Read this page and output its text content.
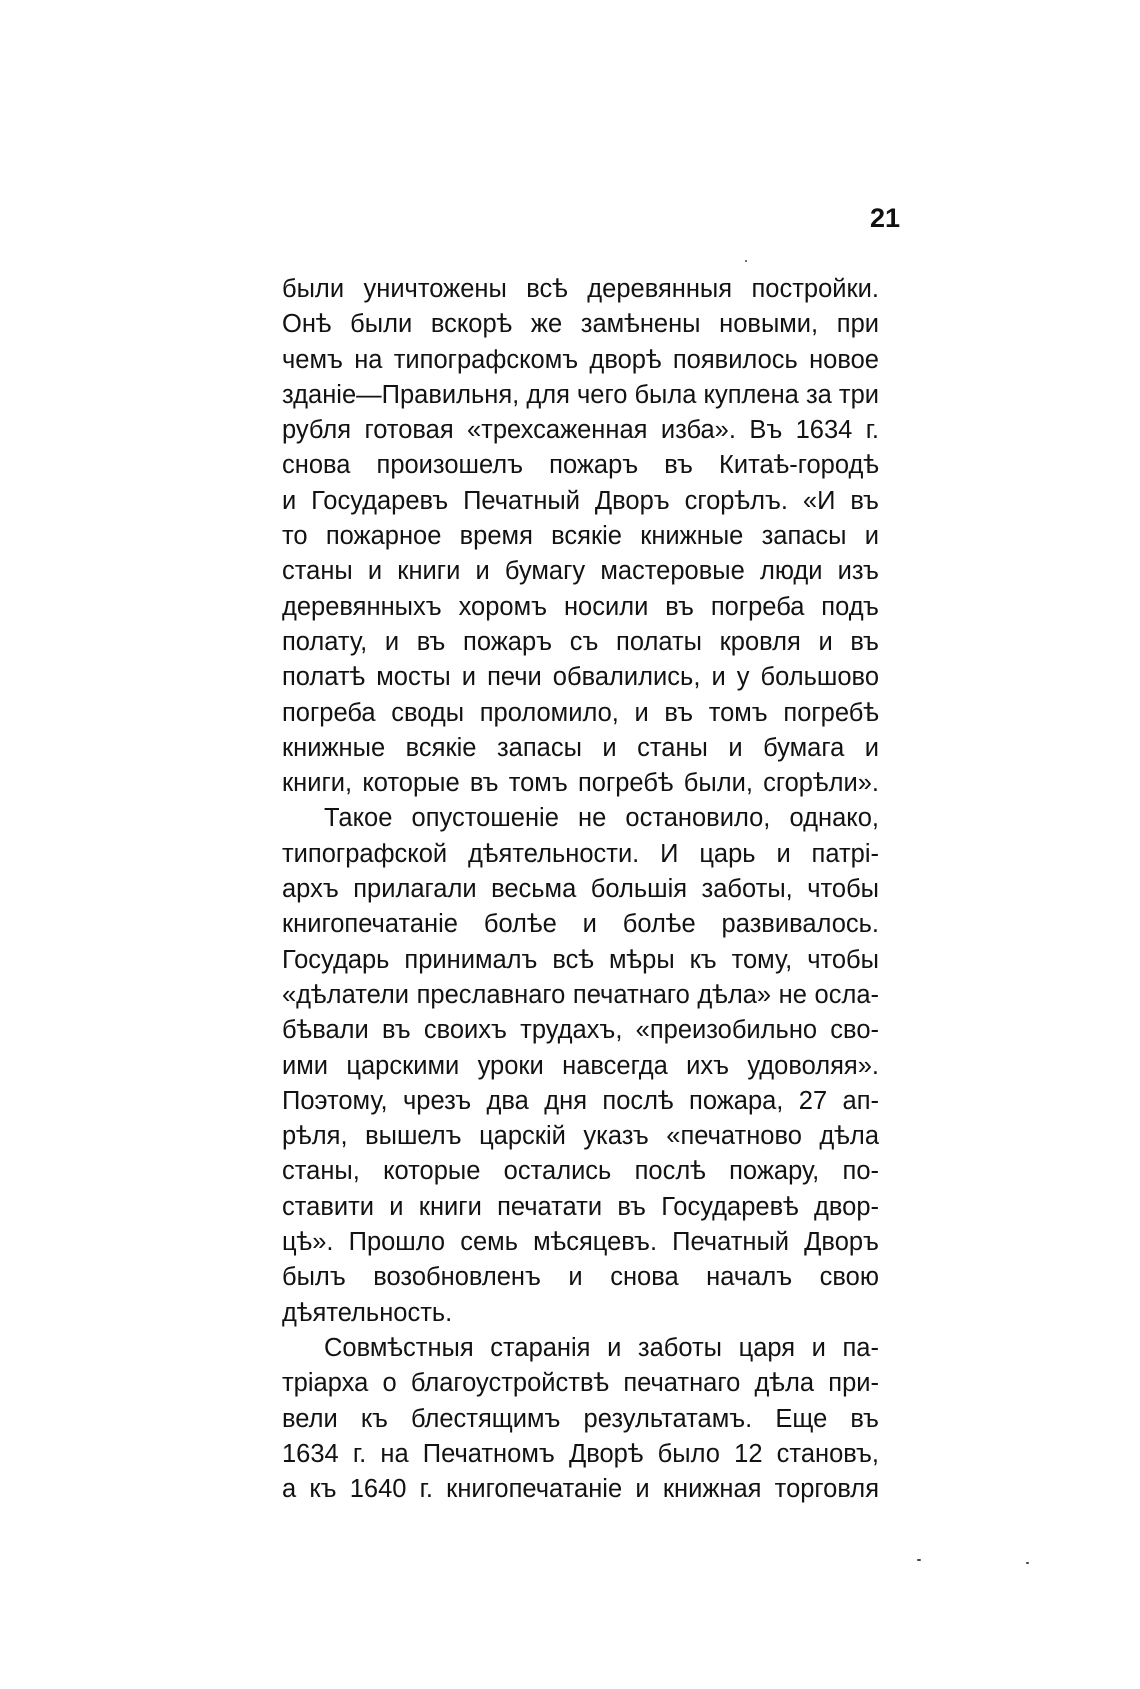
21
были уничтожены всѣ деревянныя постройки.
Онѣ были вскорѣ же замѣнены новыми, при
чемъ на типографскомъ дворѣ появилось новое
зданіе—Правильня, для чего была куплена за три
рубля готовая «трехсаженная изба». Въ 1634 г.
снова произошелъ пожаръ въ Китаѣ-городѣ
и Государевъ Печатный Дворъ сгорѣлъ. «И въ
то пожарное время всякіе книжные запасы и
станы и книги и бумагу мастеровые люди изъ
деревянныхъ хоромъ носили въ погреба подъ
полату, и въ пожаръ съ полаты кровля и въ
полатѣ мосты и печи обвалились, и у большово
погреба своды проломило, и въ томъ погребѣ
книжные всякіе запасы и станы и бумага и
книги, которые въ томъ погребѣ были, сгорѣли».
Такое опустошеніе не остановило, однако,
типографской дѣятельности. И царь и патрі-
архъ прилагали весьма большія заботы, чтобы
книгопечатаніе болѣе и болѣе развивалось.
Государь принималъ всѣ мѣры къ тому, чтобы
«дѣлатели преславнаго печатнаго дѣла» не осла-
бѣвали въ своихъ трудахъ, «преизобильно сво-
ими царскими уроки навсегда ихъ удоволяя».
Поэтому, чрезъ два дня послѣ пожара, 27 ап-
рѣля, вышелъ царскій указъ «печатново дѣла
станы, которые остались послѣ пожару, по-
ставити и книги печатати въ Государевѣ двор-
цѣ». Прошло семь мѣсяцевъ. Печатный Дворъ
былъ возобновленъ и снова началъ свою
дѣятельность.
Совмѣстныя старанія и заботы царя и па-
тріарха о благоустройствѣ печатнаго дѣла при-
вели къ блестящимъ результатамъ. Еще въ
1634 г. на Печатномъ Дворѣ было 12 становъ,
а къ 1640 г. книгопечатаніе и книжная торговля
